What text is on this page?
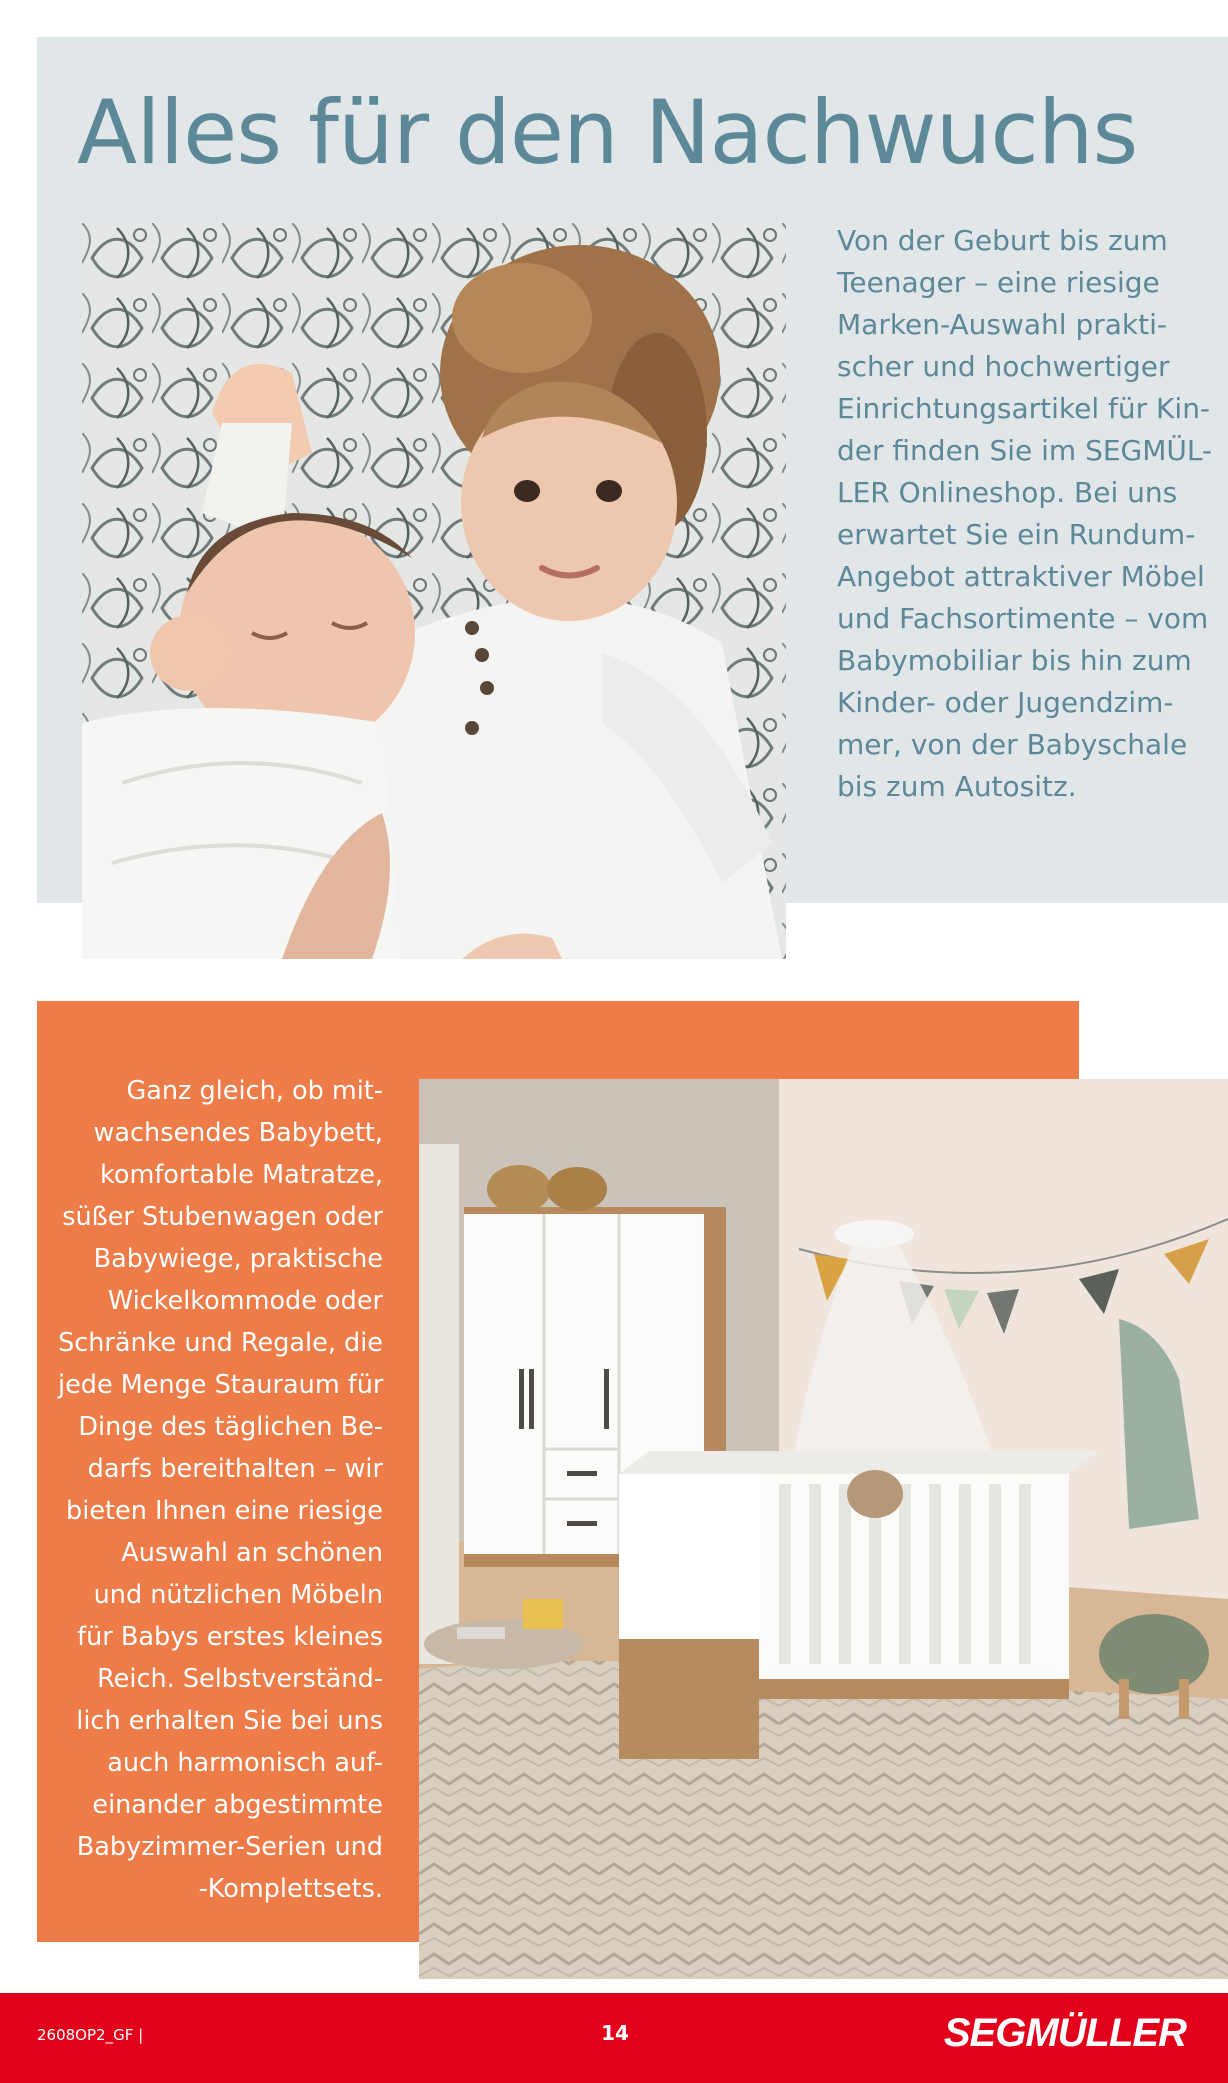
Alles für den Nachwuchs

Von der Geburt bis zum
Teenager – eine riesige
Marken-Auswahl prakti-
scher und hochwertiger
Einrichtungsartikel für Kin-
der finden Sie im SEGMÜL-
LER Onlineshop. Bei uns
erwartet Sie ein Rundum-
Angebot attraktiver Möbel
und Fachsortimente – vom
Babymobiliar bis hin zum
Kinder- oder Jugendzim-
mer, von der Babyschale
bis zum Autositz.

Ganz gleich, ob mit-
wachsendes Babybett,
komfortable Matratze,
süßer Stubenwagen oder
Babywiege, praktische
Wickelkommode oder
Schränke und Regale, die
jede Menge Stauraum für
Dinge des täglichen Be-
darfs bereithalten – wir
bieten Ihnen eine riesige
Auswahl an schönen
und nützlichen Möbeln
für Babys erstes kleines
Reich. Selbstverständ-
lich erhalten Sie bei uns
auch harmonisch auf-
einander abgestimmte
Babyzimmer-Serien und
-Komplettsets.

2608OP2_GF |	14	SEGMÜLLER
